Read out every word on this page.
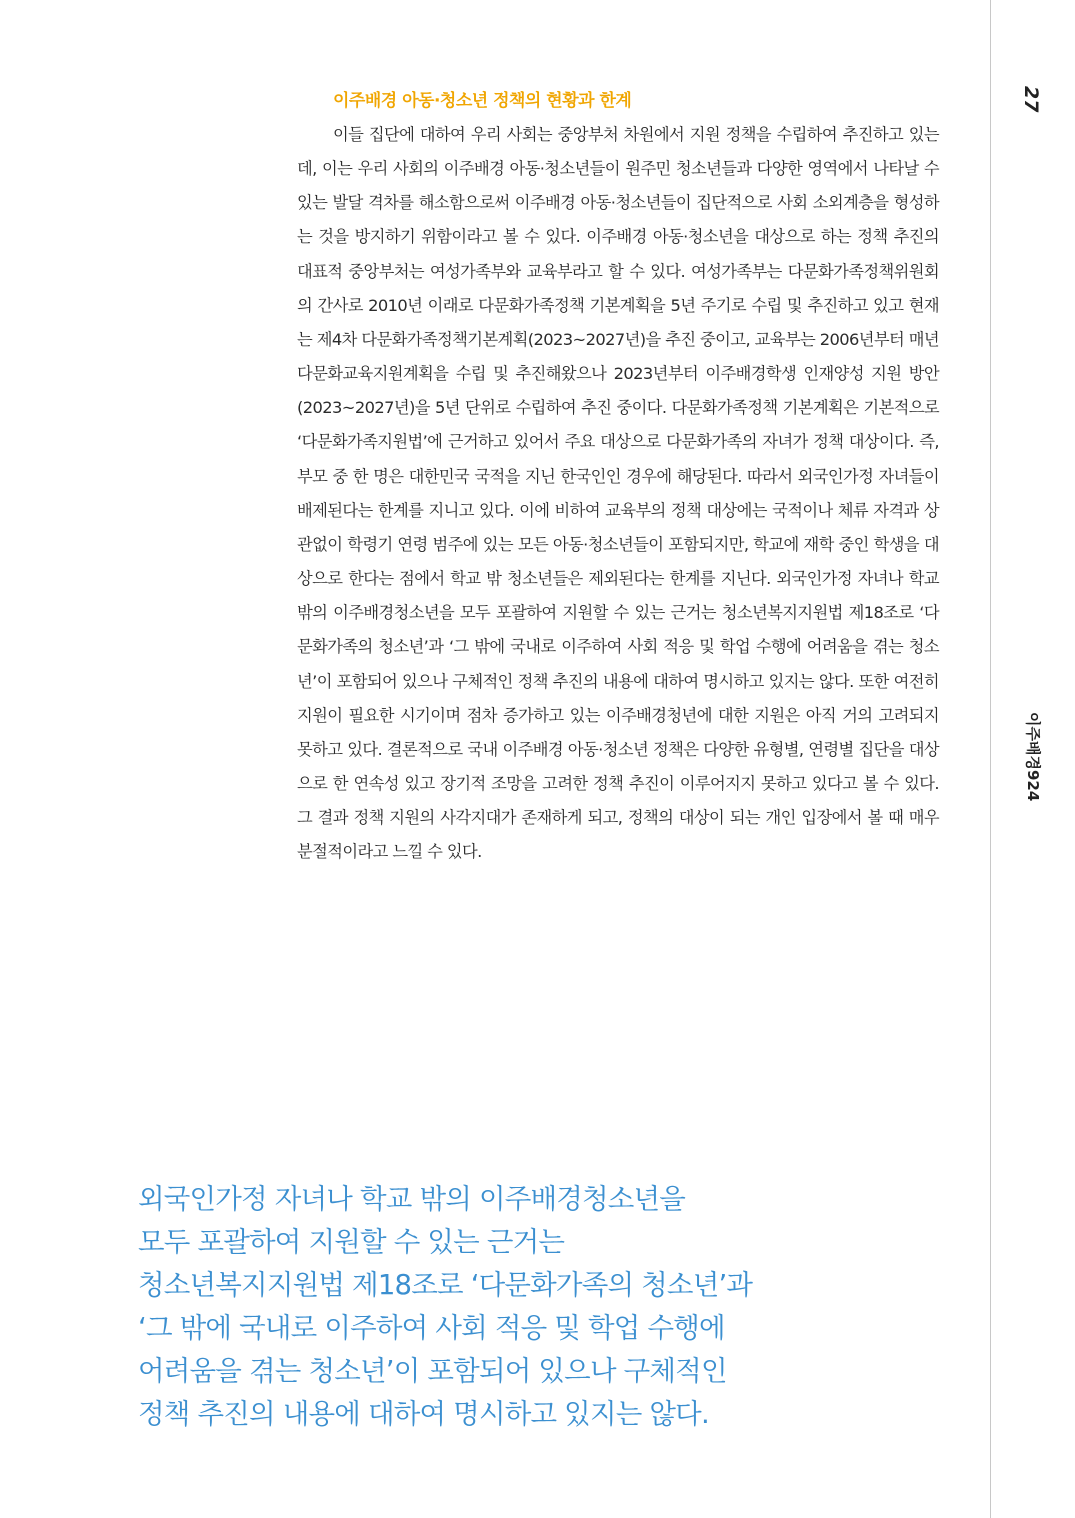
27
이주배경924
이주배경 아동·청소년 정책의 현황과 한계

이들 집단에 대하여 우리 사회는 중앙부처 차원에서 지원 정책을 수립하여 추진하고 있는데, 이는 우리 사회의 이주배경 아동·청소년들이 원주민 청소년들과 다양한 영역에서 나타날 수 있는 발달 격차를 해소함으로써 이주배경 아동·청소년들이 집단적으로 사회 소외계층을 형성하는 것을 방지하기 위함이라고 볼 수 있다. 이주배경 아동·청소년을 대상으로 하는 정책 추진의 대표적 중앙부처는 여성가족부와 교육부라고 할 수 있다. 여성가족부는 다문화가족정책위원회의 간사로 2010년 이래로 다문화가족정책 기본계획을 5년 주기로 수립 및 추진하고 있고 현재는 제4차 다문화가족정책기본계획(2023~2027년)을 추진 중이고, 교육부는 2006년부터 매년 다문화교육지원계획을 수립 및 추진해왔으나 2023년부터 이주배경학생 인재양성 지원 방안(2023~2027년)을 5년 단위로 수립하여 추진 중이다. 다문화가족정책 기본계획은 기본적으로 ‘다문화가족지원법’에 근거하고 있어서 주요 대상으로 다문화가족의 자녀가 정책 대상이다. 즉, 부모 중 한 명은 대한민국 국적을 지닌 한국인인 경우에 해당된다. 따라서 외국인가정 자녀들이 배제된다는 한계를 지니고 있다. 이에 비하여 교육부의 정책 대상에는 국적이나 체류 자격과 상관없이 학령기 연령 범주에 있는 모든 아동·청소년들이 포함되지만, 학교에 재학 중인 학생을 대상으로 한다는 점에서 학교 밖 청소년들은 제외된다는 한계를 지닌다. 외국인가정 자녀나 학교밖의 이주배경청소년을 모두 포괄하여 지원할 수 있는 근거는 청소년복지지원법 제18조로 ‘다문화가족의 청소년’과 ‘그 밖에 국내로 이주하여 사회 적응 및 학업 수행에 어려움을 겪는 청소년’이 포함되어 있으나 구체적인 정책 추진의 내용에 대하여 명시하고 있지는 않다. 또한 여전히 지원이 필요한 시기이며 점차 증가하고 있는 이주배경청년에 대한 지원은 아직 거의 고려되지 못하고 있다. 결론적으로 국내 이주배경 아동·청소년 정책은 다양한 유형별, 연령별 집단을 대상으로 한 연속성 있고 장기적 조망을 고려한 정책 추진이 이루어지지 못하고 있다고 볼 수 있다. 그 결과 정책 지원의 사각지대가 존재하게 되고, 정책의 대상이 되는 개인 입장에서 볼 때 매우 분절적이라고 느낄 수 있다.

외국인가정 자녀나 학교 밖의 이주배경청소년을
모두 포괄하여 지원할 수 있는 근거는
청소년복지지원법 제18조로 ‘다문화가족의 청소년’과
‘그 밖에 국내로 이주하여 사회 적응 및 학업 수행에
어려움을 겪는 청소년’이 포함되어 있으나 구체적인
정책 추진의 내용에 대하여 명시하고 있지는 않다.
